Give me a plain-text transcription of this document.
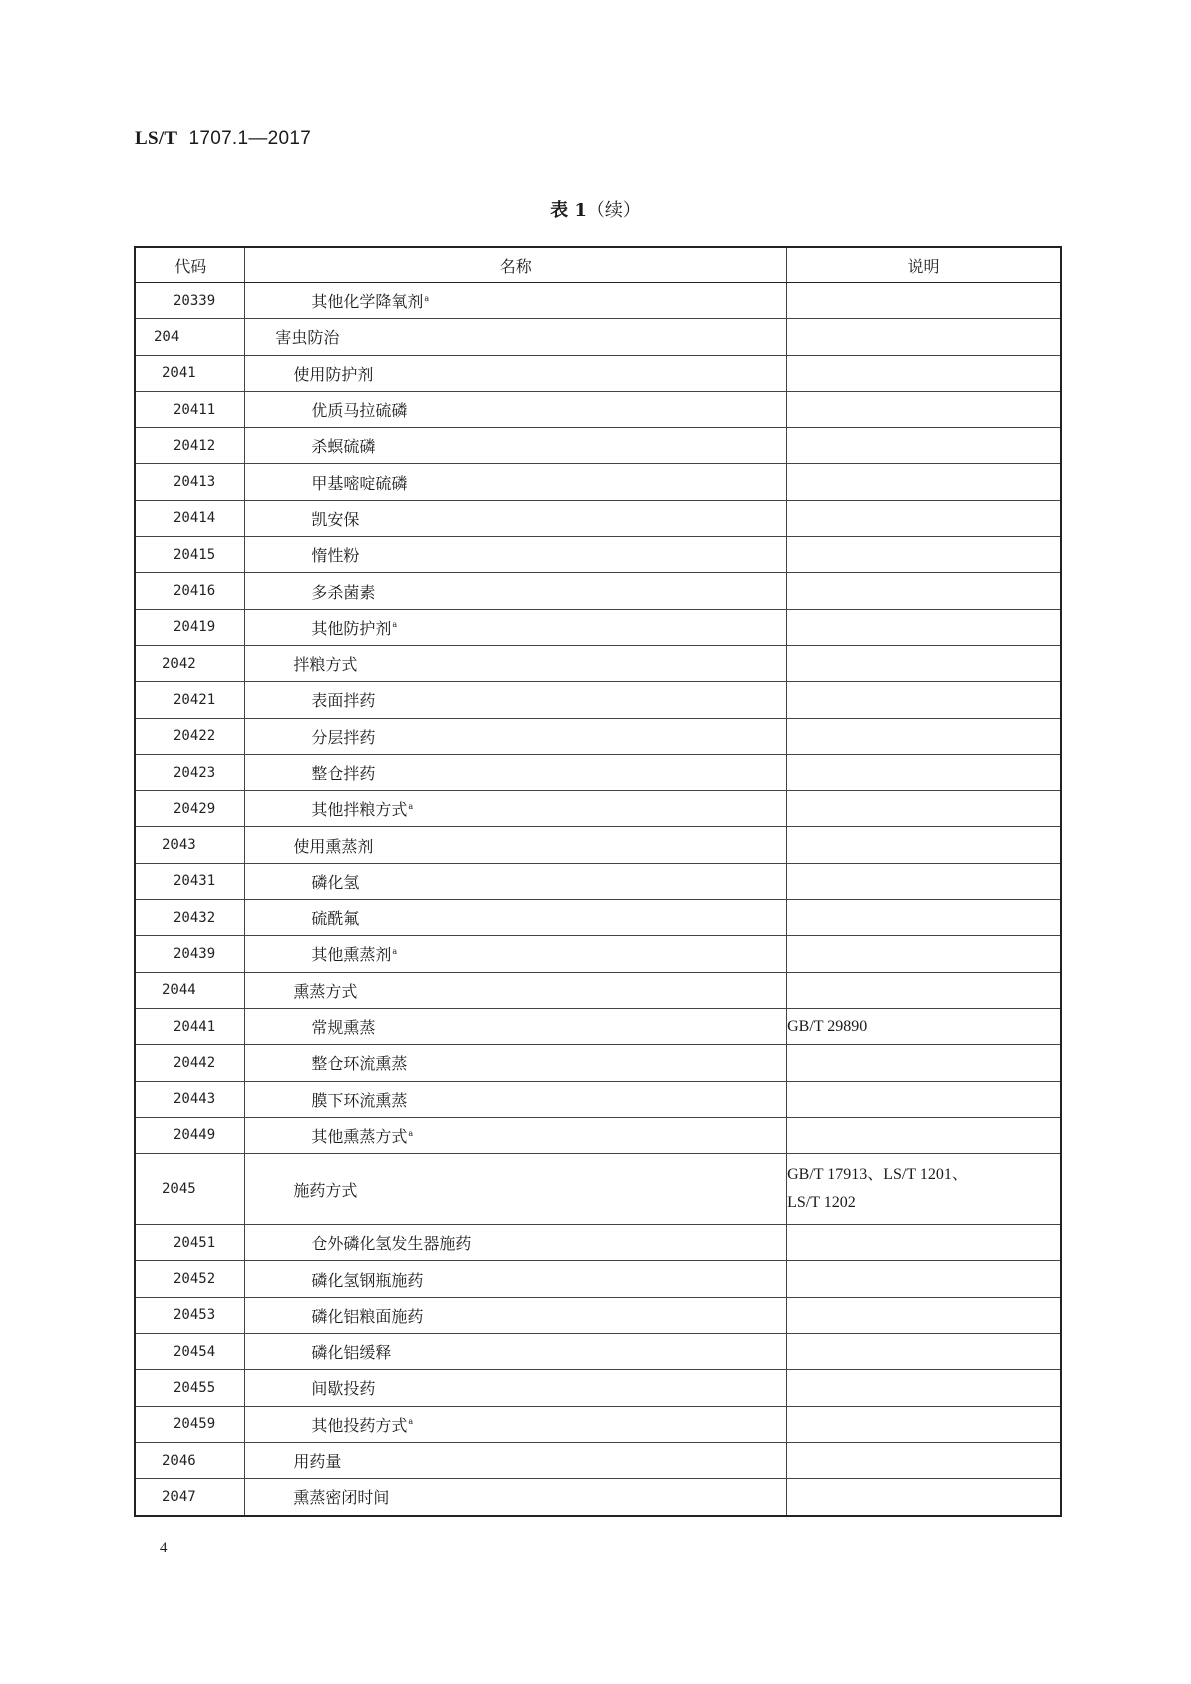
LS/T 1707.1—2017
表 1（续）
代码	名称	说明
20339	其他化学降氧剂$^a$	

204	害虫防治	

2041	使用防护剂	

20411	优质马拉硫磷	

20412	杀螟硫磷	

20413	甲基嘧啶硫磷	

20414	凯安保	

20415	惰性粉	

20416	多杀菌素	

20419	其他防护剂$^a$	

2042	拌粮方式	

20421	表面拌药	

20422	分层拌药	

20423	整仓拌药	

20429	其他拌粮方式$^a$	

2043	使用熏蒸剂	

20431	磷化氢	

20432	硫酰氟	

20439	其他熏蒸剂$^a$	

2044	熏蒸方式	

20441	常规熏蒸	GB/T 29890

20442	整仓环流熏蒸	

20443	膜下环流熏蒸	

20449	其他熏蒸方式$^a$	

2045	施药方式	GB/T 17913、LS/T 1201、
LS/T 1202

20451	仓外磷化氢发生器施药	

20452	磷化氢钢瓶施药	

20453	磷化铝粮面施药	

20454	磷化铝缓释	

20455	间歇投药	

20459	其他投药方式$^a$	

2046	用药量	

2047	熏蒸密闭时间	
4
